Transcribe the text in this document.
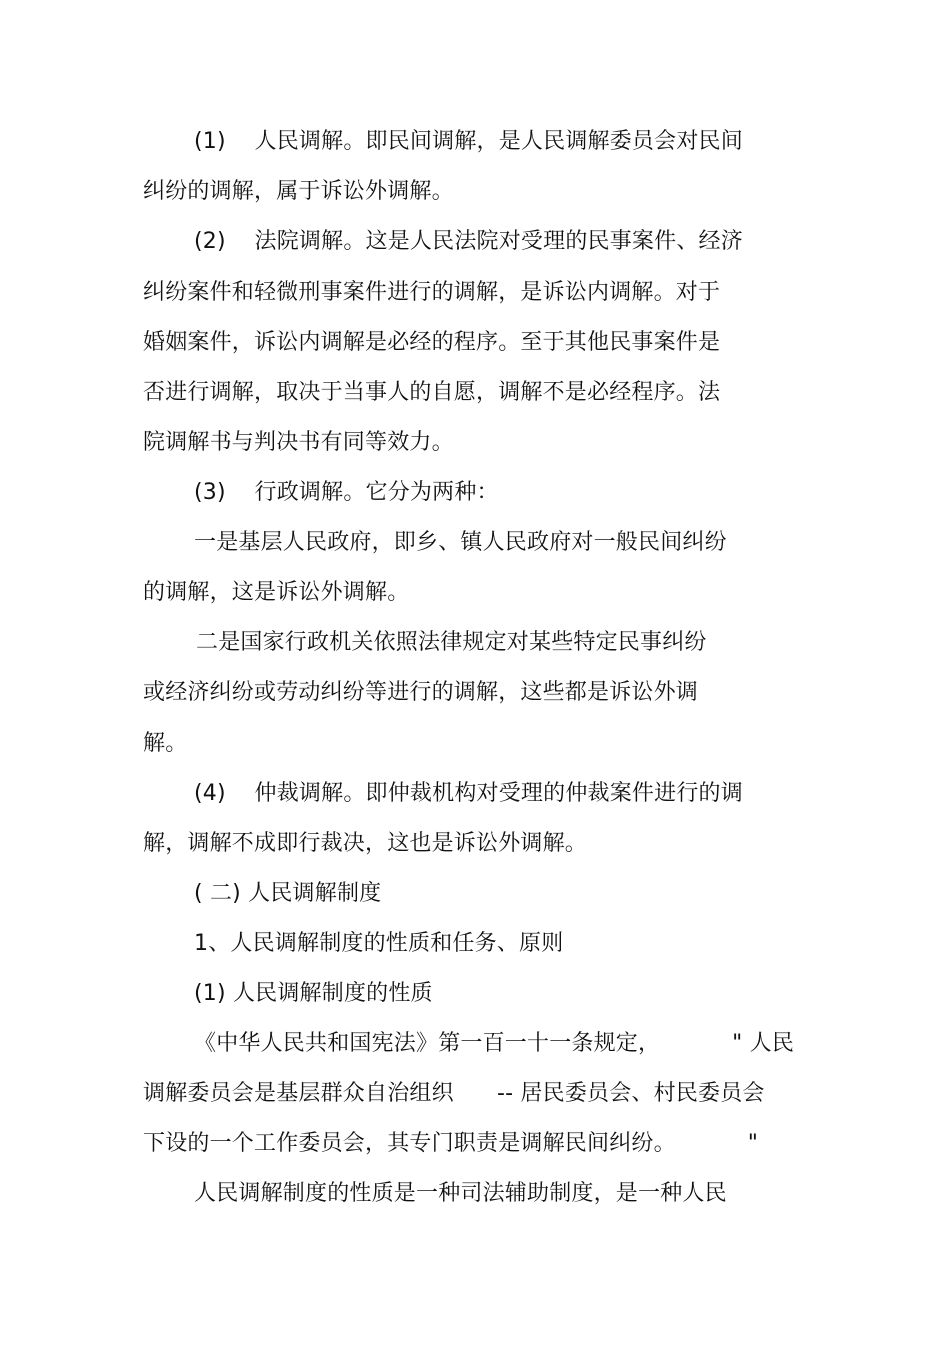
(1)    人民调解。即民间调解，是人民调解委员会对民间
纠纷的调解，属于诉讼外调解。
(2)    法院调解。这是人民法院对受理的民事案件、经济
纠纷案件和轻微刑事案件进行的调解，是诉讼内调解。对于
婚姻案件，诉讼内调解是必经的程序。至于其他民事案件是
否进行调解，取决于当事人的自愿，调解不是必经程序。法
院调解书与判决书有同等效力。
(3)    行政调解。它分为两种：
一是基层人民政府，即乡、镇人民政府对一般民间纠纷
的调解，这是诉讼外调解。
二是国家行政机关依照法律规定对某些特定民事纠纷
或经济纠纷或劳动纠纷等进行的调解，这些都是诉讼外调
解。
(4)    仲裁调解。即仲裁机构对受理的仲裁案件进行的调
解，调解不成即行裁决，这也是诉讼外调解。
( 二) 人民调解制度
1、人民调解制度的性质和任务、原则
(1) 人民调解制度的性质
《中华人民共和国宪法》第一百一十一条规定，          " 人民
调解委员会是基层群众自治组织      -- 居民委员会、村民委员会
下设的一个工作委员会，其专门职责是调解民间纠纷。          "
人民调解制度的性质是一种司法辅助制度，是一种人民
